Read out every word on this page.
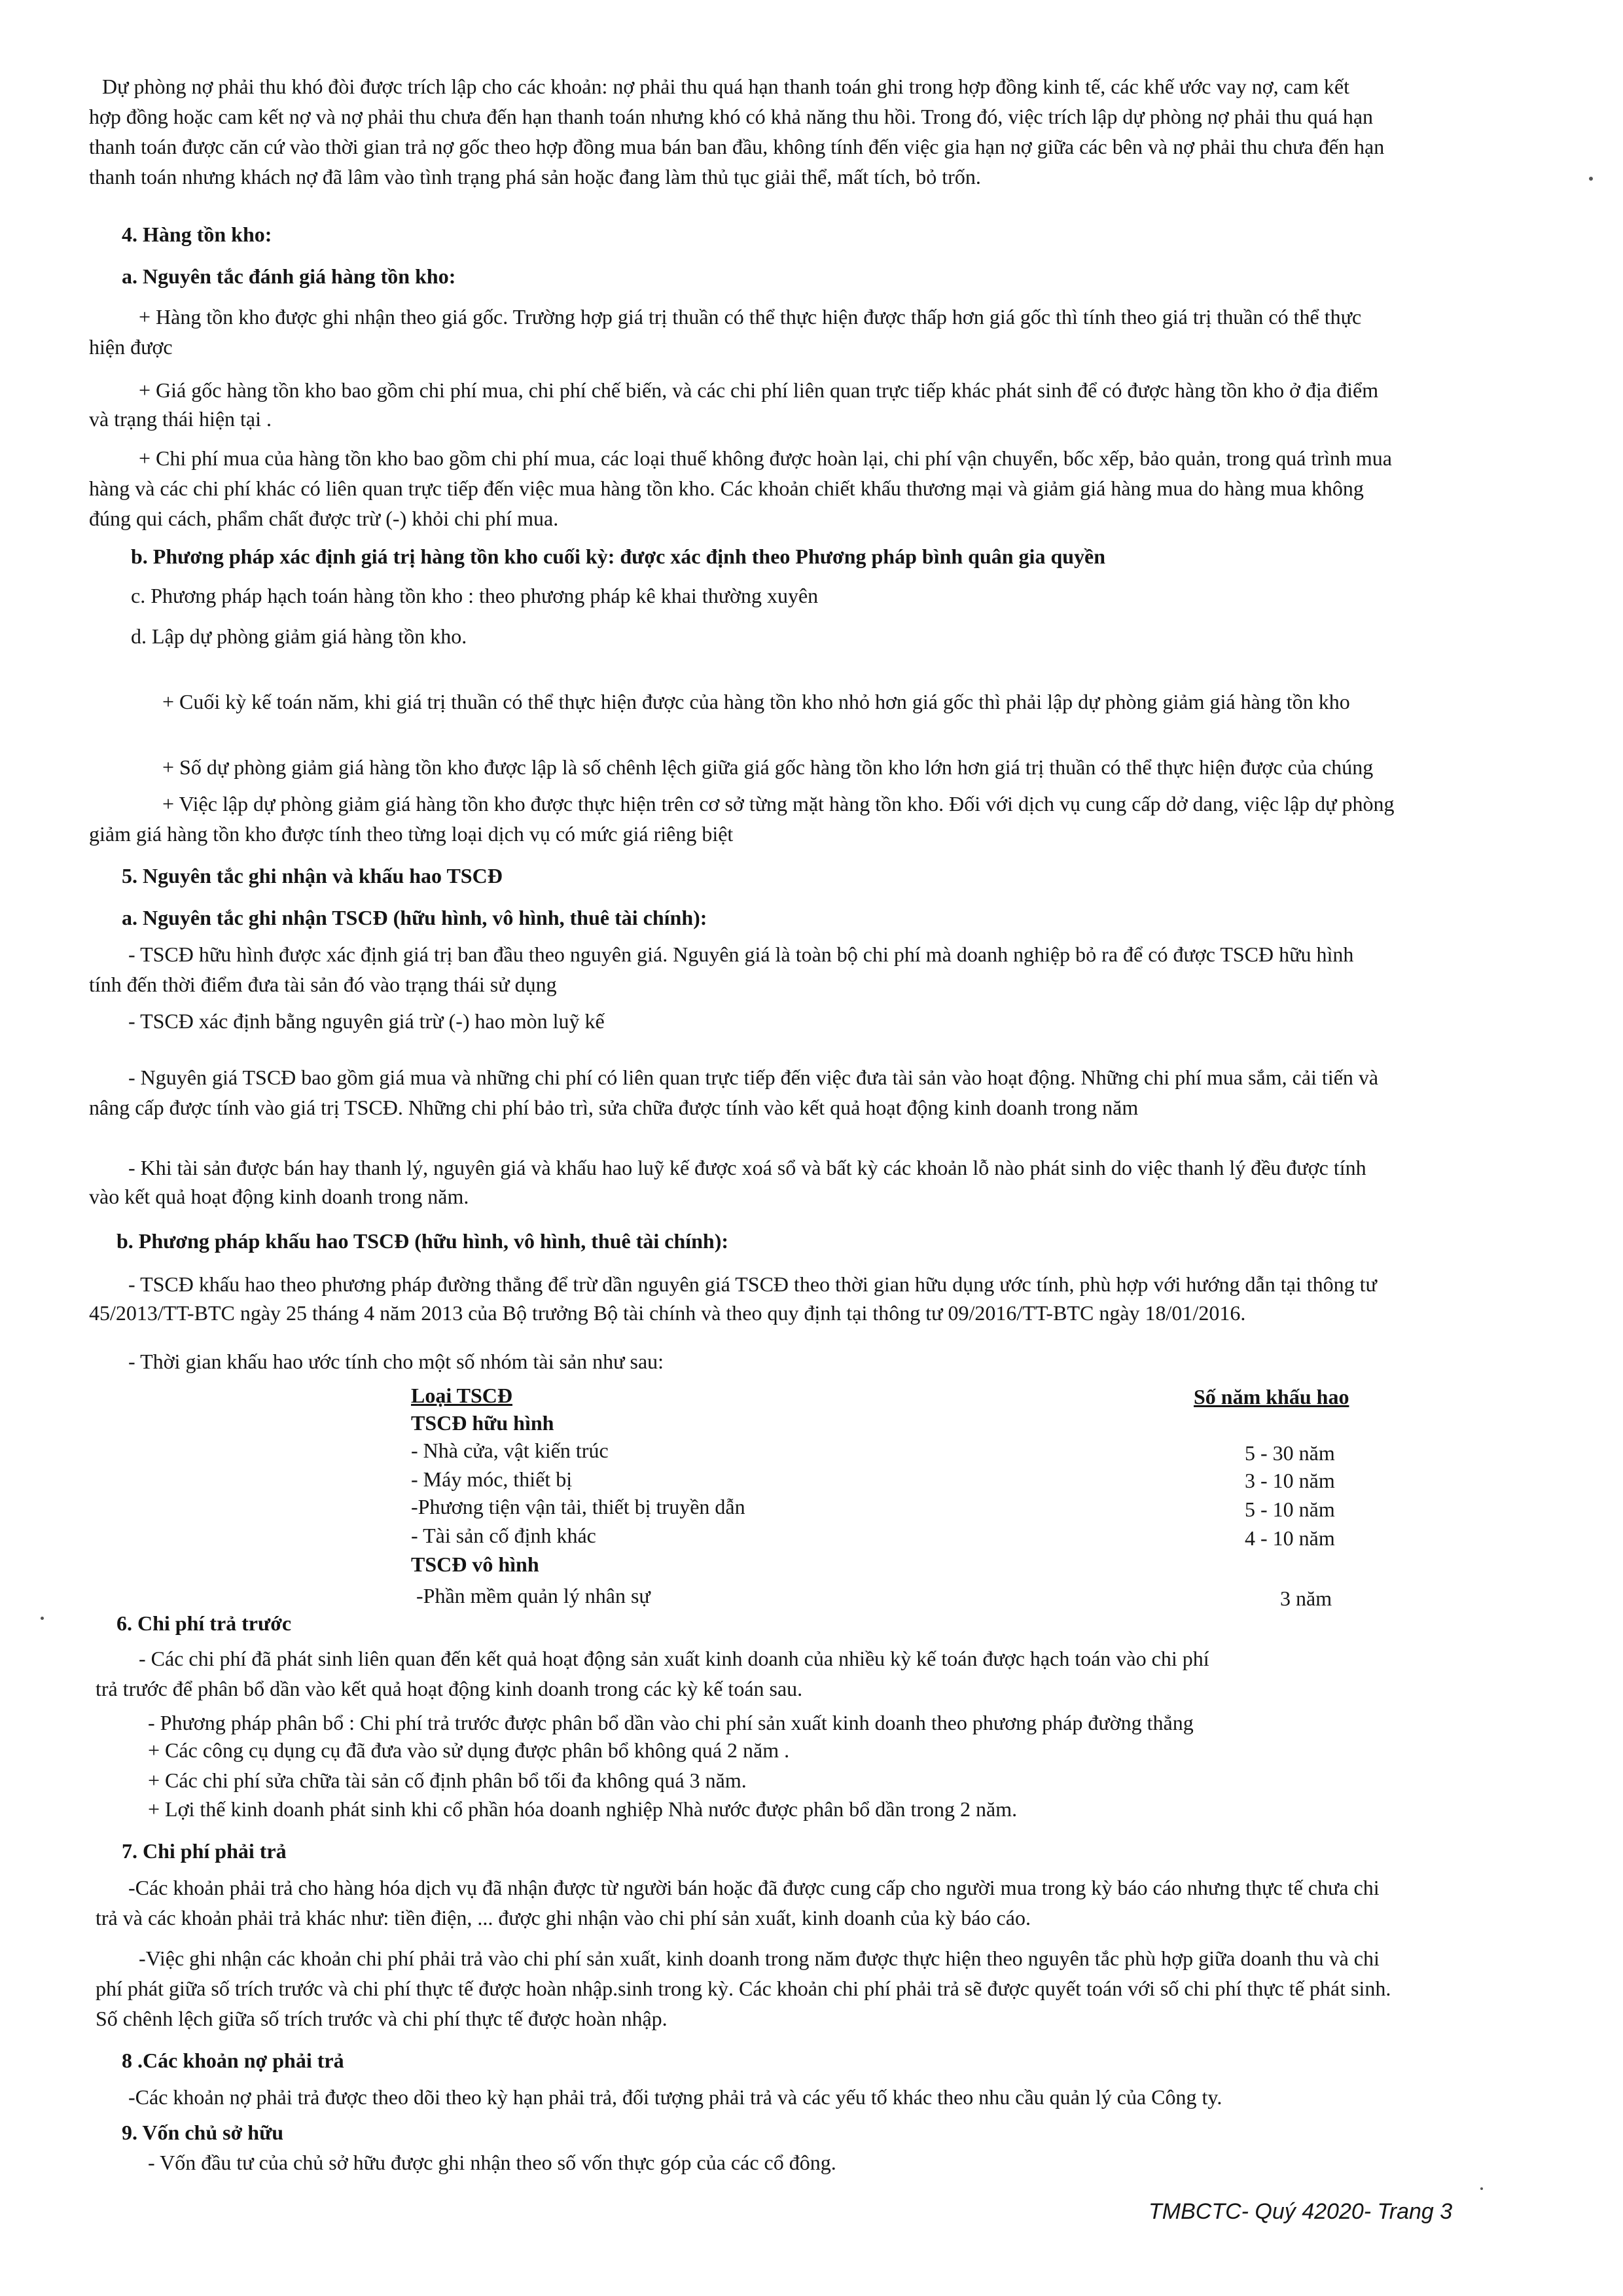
Dự phòng nợ phải thu khó đòi được trích lập cho các khoản: nợ phải thu quá hạn thanh toán ghi trong hợp đồng kinh tế, các khế ước vay nợ, cam kết
hợp đồng hoặc cam kết nợ và nợ phải thu chưa đến hạn thanh toán nhưng khó có khả năng thu hồi. Trong đó, việc trích lập dự phòng nợ phải thu quá hạn
thanh toán được căn cứ vào thời gian trả nợ gốc theo hợp đồng mua bán ban đầu, không tính đến việc gia hạn nợ giữa các bên và nợ phải thu chưa đến hạn
thanh toán nhưng khách nợ đã lâm vào tình trạng phá sản hoặc đang làm thủ tục giải thể, mất tích, bỏ trốn.
4. Hàng tồn kho:
a. Nguyên tắc đánh giá hàng tồn kho:
+ Hàng tồn kho được ghi nhận theo giá gốc. Trường hợp giá trị thuần có thể thực hiện được thấp hơn giá gốc thì tính theo giá trị thuần có thể thực
hiện được
+ Giá gốc hàng tồn kho bao gồm chi phí mua, chi phí chế biến, và các chi phí liên quan trực tiếp khác phát sinh để có được hàng tồn kho ở địa điểm
và trạng thái hiện tại .
+ Chi phí mua của hàng tồn kho bao gồm chi phí mua, các loại thuế không được hoàn lại, chi phí vận chuyển, bốc xếp, bảo quản, trong quá trình mua
hàng và các chi phí khác có liên quan trực tiếp đến việc mua hàng tồn kho. Các khoản chiết khấu thương mại và giảm giá hàng mua do hàng mua không
đúng qui cách, phẩm chất được trừ (-) khỏi chi phí mua.
b. Phương pháp xác định giá trị hàng tồn kho cuối kỳ: được xác định theo Phương pháp bình quân gia quyền
c. Phương pháp hạch toán hàng tồn kho : theo phương pháp kê khai thường xuyên
d. Lập dự phòng giảm giá hàng tồn kho.
+ Cuối kỳ kế toán năm, khi giá trị thuần có thể thực hiện được của hàng tồn kho nhỏ hơn giá gốc thì phải lập dự phòng giảm giá hàng tồn kho
+ Số dự phòng giảm giá hàng tồn kho được lập là số chênh lệch giữa giá gốc hàng tồn kho lớn hơn giá trị thuần có thể thực hiện được của chúng
+ Việc lập dự phòng giảm giá hàng tồn kho được thực hiện trên cơ sở từng mặt hàng tồn kho. Đối với dịch vụ cung cấp dở dang, việc lập dự phòng
giảm giá hàng tồn kho được tính theo từng loại dịch vụ có mức giá riêng biệt
5. Nguyên tắc ghi nhận và khấu hao TSCĐ
a. Nguyên tắc ghi nhận TSCĐ (hữu hình, vô hình, thuê tài chính):
- TSCĐ hữu hình được xác định giá trị ban đầu theo nguyên giá. Nguyên giá là toàn bộ chi phí mà doanh nghiệp bỏ ra để có được TSCĐ hữu hình
tính đến thời điểm đưa tài sản đó vào trạng thái sử dụng
- TSCĐ xác định bằng nguyên giá trừ (-) hao mòn luỹ kế
- Nguyên giá TSCĐ bao gồm giá mua và những chi phí có liên quan trực tiếp đến việc đưa tài sản vào hoạt động. Những chi phí mua sắm, cải tiến và
nâng cấp được tính vào giá trị TSCĐ. Những chi phí bảo trì, sửa chữa được tính vào kết quả hoạt động kinh doanh trong năm
- Khi tài sản được bán hay thanh lý, nguyên giá và khấu hao luỹ kế được xoá sổ và bất kỳ các khoản lỗ nào phát sinh do việc thanh lý đều được tính
vào kết quả hoạt động kinh doanh trong năm.
b. Phương pháp khấu hao TSCĐ (hữu hình, vô hình, thuê tài chính):
- TSCĐ khấu hao theo phương pháp đường thẳng để trừ dần nguyên giá TSCĐ theo thời gian hữu dụng ước tính, phù hợp với hướng dẫn tại thông tư
45/2013/TT-BTC ngày 25 tháng 4 năm 2013 của Bộ trưởng Bộ tài chính và theo quy định tại thông tư 09/2016/TT-BTC ngày 18/01/2016.
- Thời gian khấu hao ước tính cho một số nhóm tài sản như sau:
Loại TSCĐ	Số năm khấu hao
TSCĐ hữu hình
- Nhà cửa, vật kiến trúc	5 - 30 năm
- Máy móc, thiết bị	3 - 10 năm
-Phương tiện vận tải, thiết bị truyền dẫn	5 - 10 năm
- Tài sản cố định khác	4 - 10 năm
TSCĐ vô hình
-Phần mềm quản lý nhân sự	3 năm
6. Chi phí trả trước
- Các chi phí đã phát sinh liên quan đến kết quả hoạt động sản xuất kinh doanh của nhiều kỳ kế toán được hạch toán vào chi phí
trả trước để phân bổ dần vào kết quả hoạt động kinh doanh trong các kỳ kế toán sau.
- Phương pháp phân bổ : Chi phí trả trước được phân bổ dần vào chi phí sản xuất kinh doanh theo phương pháp đường thẳng
+ Các công cụ dụng cụ đã đưa vào sử dụng được phân bổ không quá 2 năm .
+ Các chi phí sửa chữa tài sản cố định phân bổ tối đa không quá 3 năm.
+ Lợi thế kinh doanh phát sinh khi cổ phần hóa doanh nghiệp Nhà nước được phân bổ dần trong 2 năm.
7. Chi phí phải trả
-Các khoản phải trả cho hàng hóa dịch vụ đã nhận được từ người bán hoặc đã được cung cấp cho người mua trong kỳ báo cáo nhưng thực tế chưa chi
trả và các khoản phải trả khác như: tiền điện, ... được ghi nhận vào chi phí sản xuất, kinh doanh của kỳ báo cáo.
-Việc ghi nhận các khoản chi phí phải trả vào chi phí sản xuất, kinh doanh trong năm được thực hiện theo nguyên tắc phù hợp giữa doanh thu và chi
phí phát giữa số trích trước và chi phí thực tế được hoàn nhập.sinh trong kỳ. Các khoản chi phí phải trả sẽ được quyết toán với số chi phí thực tế phát sinh.
Số chênh lệch giữa số trích trước và chi phí thực tế được hoàn nhập.
8 .Các khoản nợ phải trả
-Các khoản nợ phải trả được theo dõi theo kỳ hạn phải trả, đối tượng phải trả và các yếu tố khác theo nhu cầu quản lý của Công ty.
9. Vốn chủ sở hữu
- Vốn đầu tư của chủ sở hữu được ghi nhận theo số vốn thực góp của các cổ đông.
TMBCTC- Quý 42020- Trang 3
